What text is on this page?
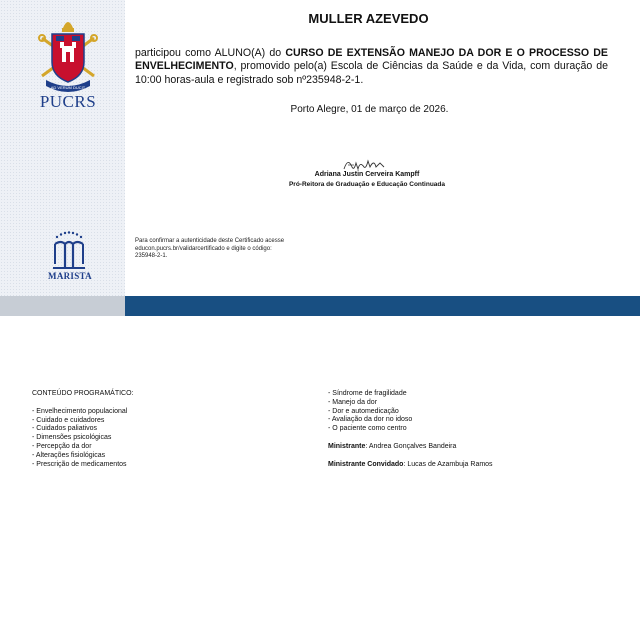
AD VERUM DUCIT
PUCRS
MARISTA
MULLER AZEVEDO
participou como ALUNO(A) do CURSO DE EXTENSÃO MANEJO DA DOR E O PROCESSO DE ENVELHECIMENTO, promovido pelo(a) Escola de Ciências da Saúde e da Vida, com duração de 10:00 horas-aula e registrado sob nº235948-2-1.
Porto Alegre, 01 de março de 2026.
Adriana Justin Cerveira Kampff
Pró-Reitora de Graduação e Educação Continuada
Para confirmar a autenticidade deste Certificado acesse
educon.pucrs.br/validarcertificado e digite o código:
235948-2-1.
CONTEÚDO PROGRAMÁTICO:
- Envelhecimento populacional
- Cuidado e cuidadores
- Cuidados paliativos
- Dimensões psicológicas
- Percepção da dor
- Alterações fisiológicas
- Prescrição de medicamentos
- Síndrome de fragilidade
- Manejo da dor
- Dor e automedicação
- Avaliação da dor no idoso
- O paciente como centro
Ministrante: Andrea Gonçalves Bandeira
Ministrante Convidado: Lucas de Azambuja Ramos
